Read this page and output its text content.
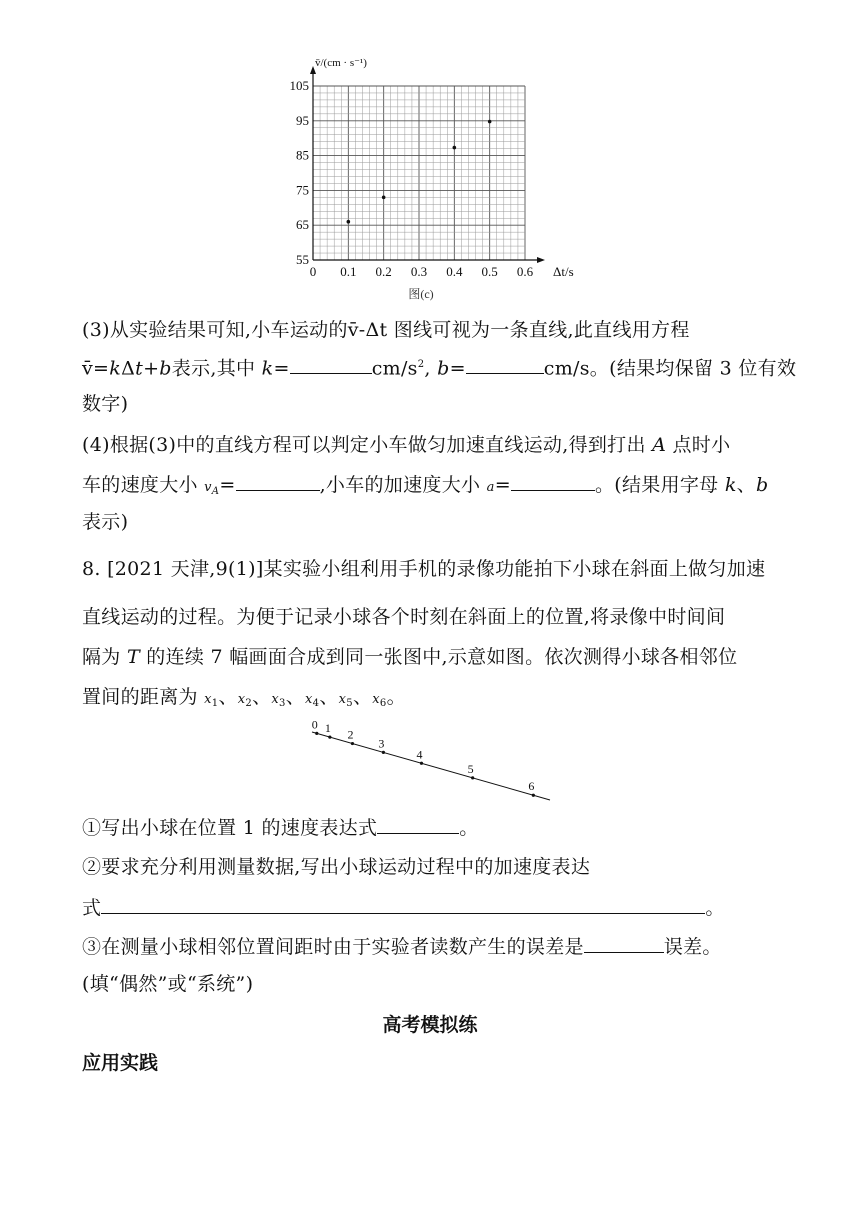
0 0.1 0.2 0.3 0.4 0.5 0.6
55
65
75
85
95
105
Δt/s
v̄/(cm · s⁻¹)
图(c)
(3)从实验结果可知,小车运动的v̄-Δt 图线可视为一条直线,此直线用方程
v̄=kΔt+b表示,其中 k=	$cm/s^2$, b=	cm/s。(结果均保留 3 位有效
数字)
(4)根据(3)中的直线方程可以判定小车做匀加速直线运动,得到打出 A 点时小
车的速度大小 $v_A=$	,小车的加速度大小 a=	。(结果用字母 k、b
表示)
8. [2021 天津,9(1)]某实验小组利用手机的录像功能拍下小球在斜面上做匀加速
直线运动的过程。为便于记录小球各个时刻在斜面上的位置,将录像中时间间
隔为 T 的连续 7 幅画面合成到同一张图中,示意如图。依次测得小球各相邻位
置间的距离为 $x_1$、$x_2$、$x_3$、$x_4$、$x_5$、$x_6$。
0 1 2
3
4
5
6
①写出小球在位置 1 的速度表达式	。
②要求充分利用测量数据,写出小球运动过程中的加速度表达
式	。
③在测量小球相邻位置间距时由于实验者读数产生的误差是	误差。
(填“偶然”或“系统”)
高考模拟练
应用实践
